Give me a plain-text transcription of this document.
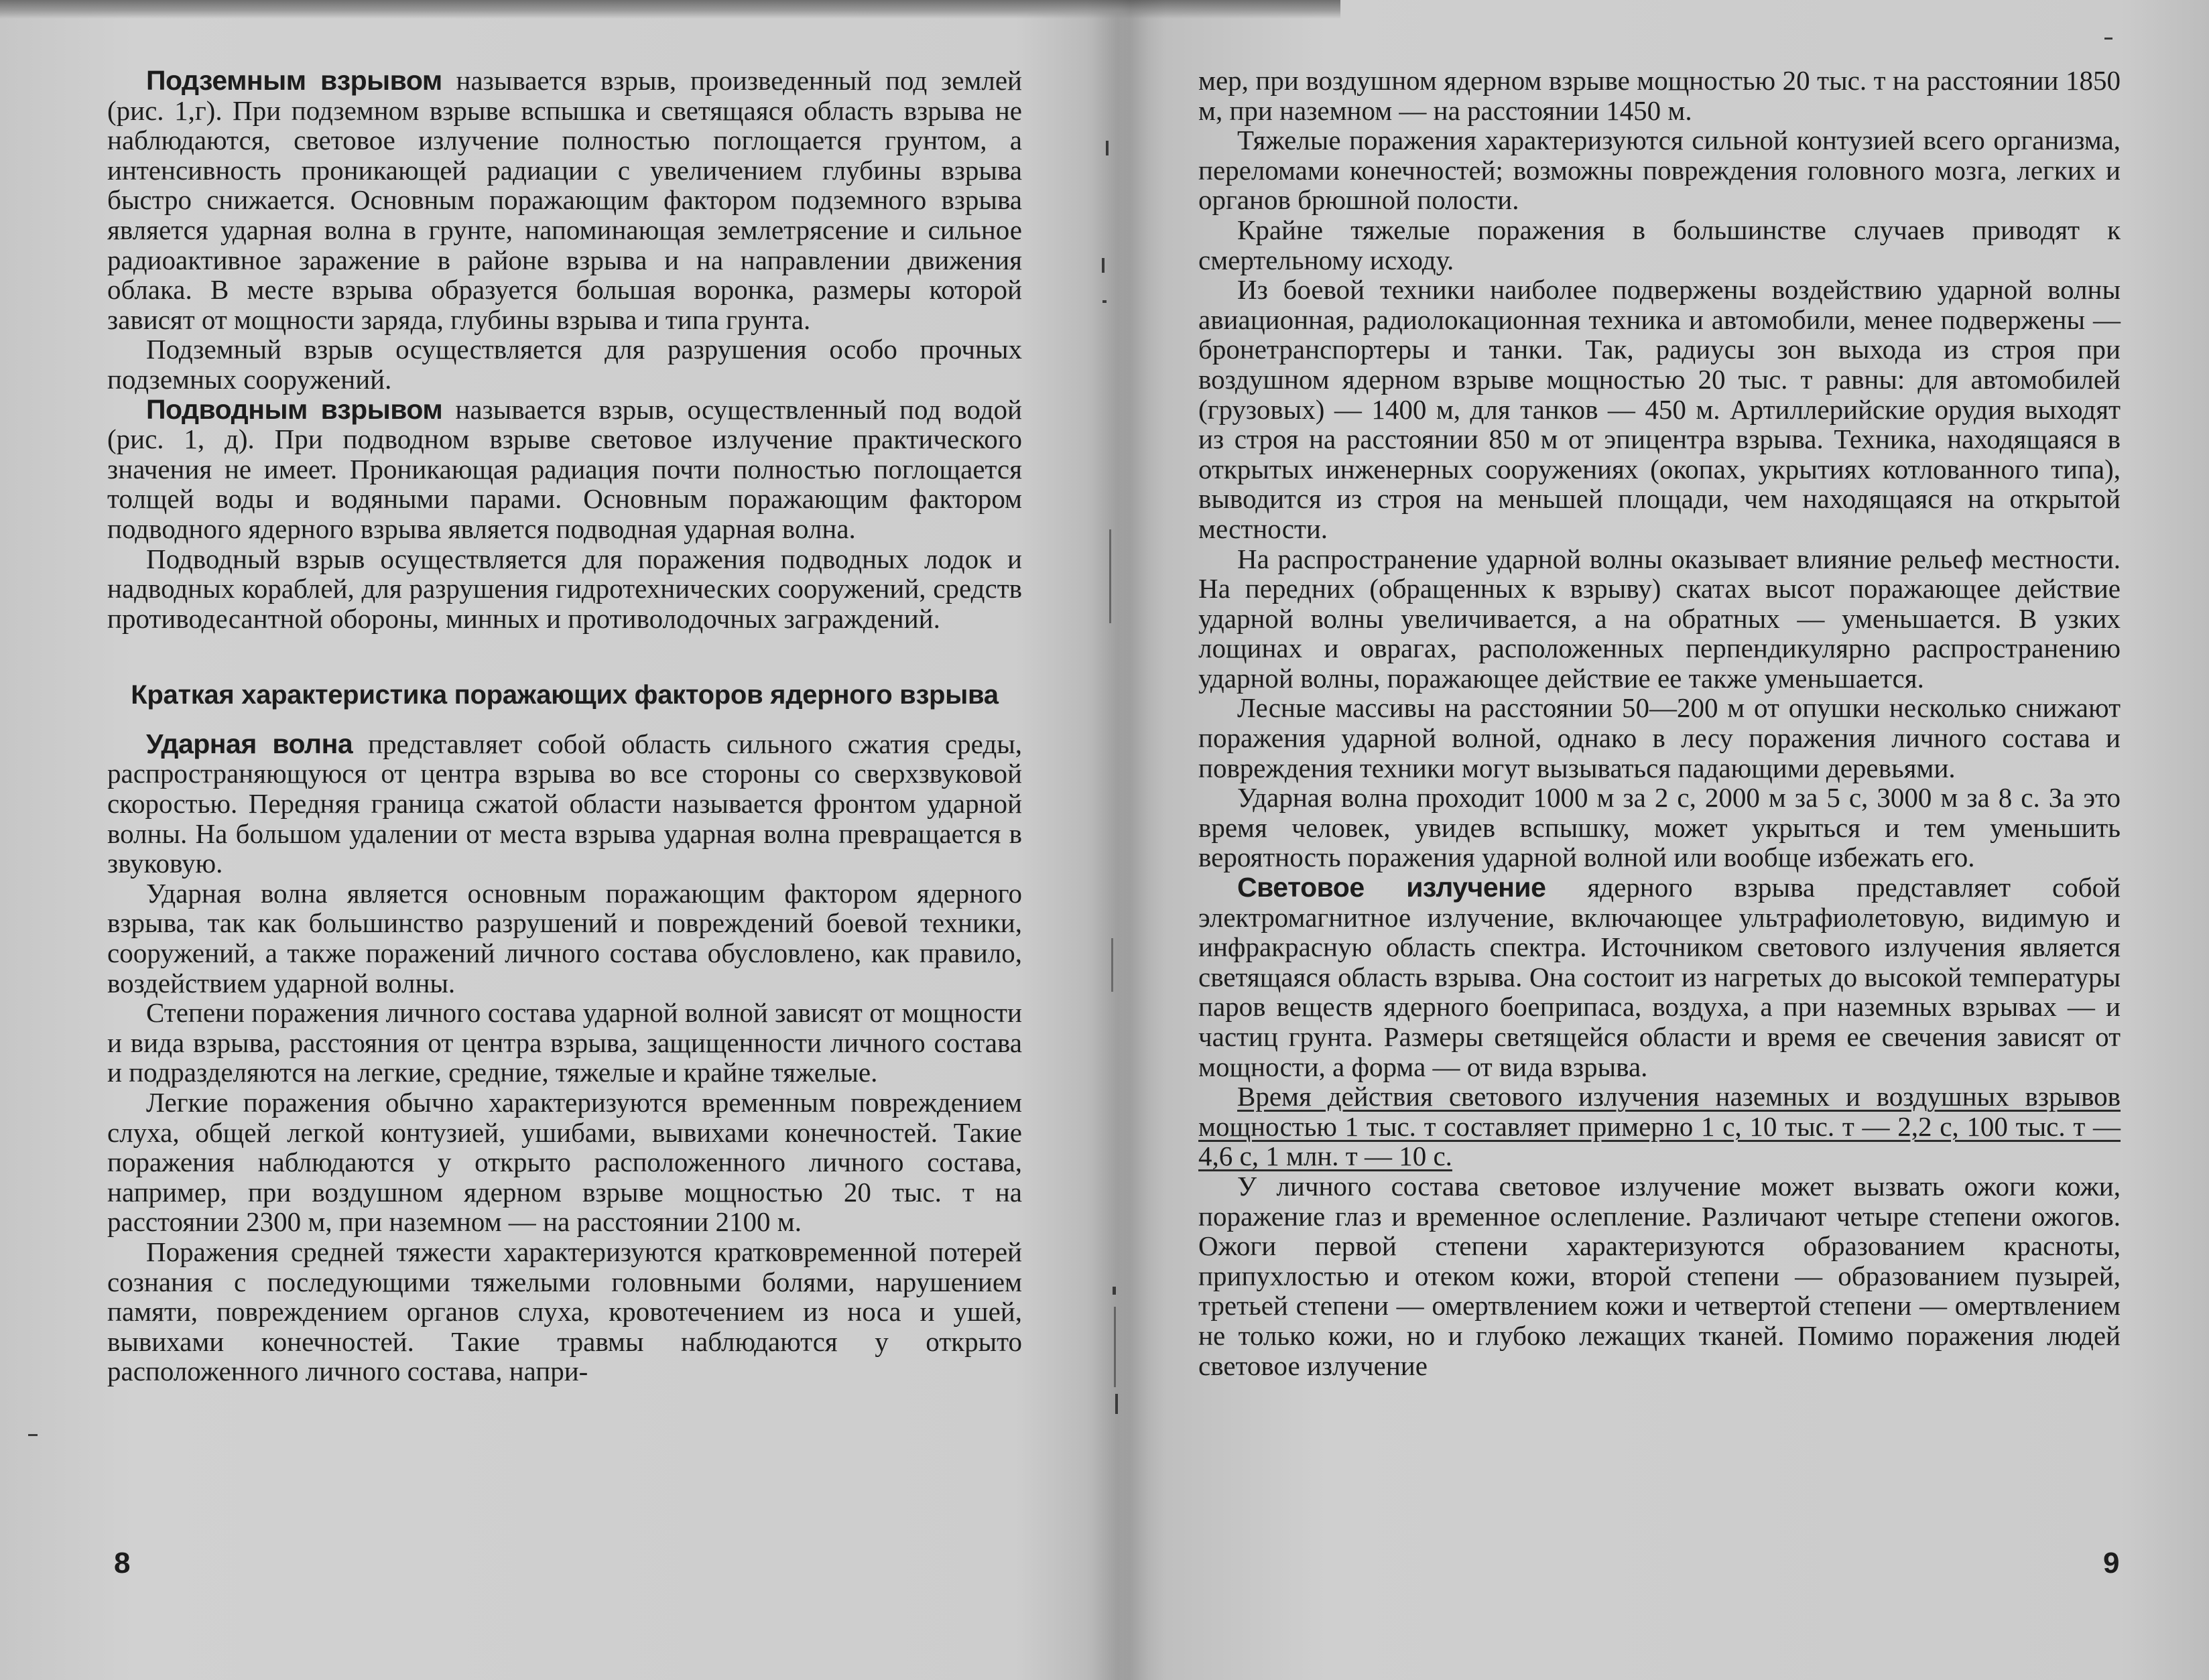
Подземным взрывом называется взрыв, произведенный под землей (рис. 1,г). При подземном взрыве вспышка и светящаяся область взрыва не наблюдаются, световое излучение полностью поглощается грунтом, а интенсивность проникающей радиации с увеличением глубины взрыва быстро снижается. Основным поражающим фактором подземного взрыва является ударная волна в грунте, напоминающая землетрясение и сильное радиоактивное заражение в районе взрыва и на направлении движения облака. В месте взрыва образуется большая воронка, размеры которой зависят от мощности заряда, глубины взрыва и типа грунта.

Подземный взрыв осуществляется для разрушения особо прочных подземных сооружений.

Подводным взрывом называется взрыв, осуществленный под водой (рис. 1, д). При подводном взрыве световое излучение практического значения не имеет. Проникающая радиация почти полностью поглощается толщей воды и водяными парами. Основным поражающим фактором подводного ядерного взрыва является подводная ударная волна.

Подводный взрыв осуществляется для поражения подводных лодок и надводных кораблей, для разрушения гидротехнических сооружений, средств противодесантной обороны, минных и противолодочных заграждений.

Краткая характеристика поражающих факторов ядерного взрыва

Ударная волна представляет собой область сильного сжатия среды, распространяющуюся от центра взрыва во все стороны со сверхзвуковой скоростью. Передняя граница сжатой области называется фронтом ударной волны. На большом удалении от места взрыва ударная волна превращается в звуковую.

Ударная волна является основным поражающим фактором ядерного взрыва, так как большинство разрушений и повреждений боевой техники, сооружений, а также поражений личного состава обусловлено, как правило, воздействием ударной волны.

Степени поражения личного состава ударной волной зависят от мощности и вида взрыва, расстояния от центра взрыва, защищенности личного состава и подразделяются на легкие, средние, тяжелые и крайне тяжелые.

Легкие поражения обычно характеризуются временным повреждением слуха, общей легкой контузией, ушибами, вывихами конечностей. Такие поражения наблюдаются у открыто расположенного личного состава, например, при воздушном ядерном взрыве мощностью 20 тыс. т на расстоянии 2300 м, при наземном — на расстоянии 2100 м.

Поражения средней тяжести характеризуются кратковременной потерей сознания с последующими тяжелыми головными болями, нарушением памяти, повреждением органов слуха, кровотечением из носа и ушей, вывихами конечностей. Такие травмы наблюдаются у открыто расположенного личного состава, напри-

8

мер, при воздушном ядерном взрыве мощностью 20 тыс. т на расстоянии 1850 м, при наземном — на расстоянии 1450 м.

Тяжелые поражения характеризуются сильной контузией всего организма, переломами конечностей; возможны повреждения головного мозга, легких и органов брюшной полости.

Крайне тяжелые поражения в большинстве случаев приводят к смертельному исходу.

Из боевой техники наиболее подвержены воздействию ударной волны авиационная, радиолокационная техника и автомобили, менее подвержены — бронетранспортеры и танки. Так, радиусы зон выхода из строя при воздушном ядерном взрыве мощностью 20 тыс. т равны: для автомобилей (грузовых) — 1400 м, для танков — 450 м. Артиллерийские орудия выходят из строя на расстоянии 850 м от эпицентра взрыва. Техника, находящаяся в открытых инженерных сооружениях (окопах, укрытиях котлованного типа), выводится из строя на меньшей площади, чем находящаяся на открытой местности.

На распространение ударной волны оказывает влияние рельеф местности. На передних (обращенных к взрыву) скатах высот поражающее действие ударной волны увеличивается, а на обратных — уменьшается. В узких лощинах и оврагах, расположенных перпендикулярно распространению ударной волны, поражающее действие ее также уменьшается.

Лесные массивы на расстоянии 50—200 м от опушки несколько снижают поражения ударной волной, однако в лесу поражения личного состава и повреждения техники могут вызываться падающими деревьями.

Ударная волна проходит 1000 м за 2 с, 2000 м за 5 с, 3000 м за 8 с. За это время человек, увидев вспышку, может укрыться и тем уменьшить вероятность поражения ударной волной или вообще избежать его.

Световое излучение ядерного взрыва представляет собой электромагнитное излучение, включающее ультрафиолетовую, видимую и инфракрасную область спектра. Источником светового излучения является светящаяся область взрыва. Она состоит из нагретых до высокой температуры паров веществ ядерного боеприпаса, воздуха, а при наземных взрывах — и частиц грунта. Размеры светящейся области и время ее свечения зависят от мощности, а форма — от вида взрыва.

Время действия светового излучения наземных и воздушных взрывов мощностью 1 тыс. т составляет примерно 1 с, 10 тыс. т — 2,2 с, 100 тыс. т — 4,6 с, 1 млн. т — 10 с.

У личного состава световое излучение может вызвать ожоги кожи, поражение глаз и временное ослепление. Различают четыре степени ожогов. Ожоги первой степени характеризуются образованием красноты, припухлостью и отеком кожи, второй степени — образованием пузырей, третьей степени — омертвлением кожи и четвертой степени — омертвлением не только кожи, но и глубоко лежащих тканей. Помимо поражения людей световое излучение

9
